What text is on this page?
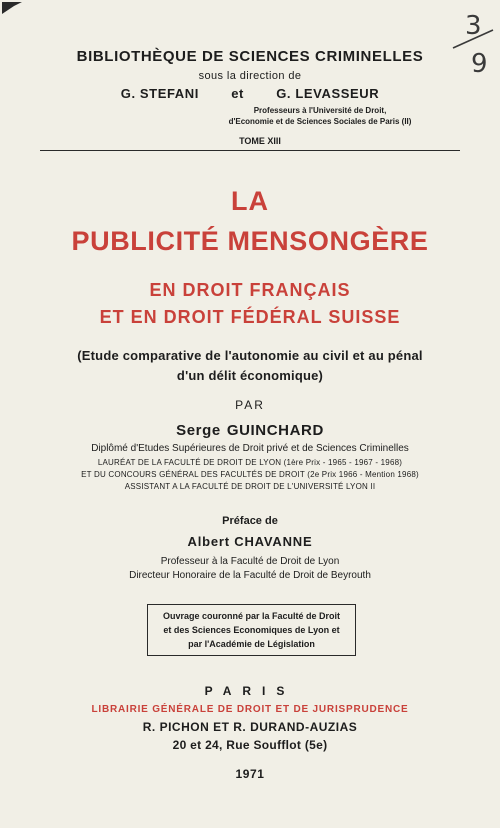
BIBLIOTHÈQUE DE SCIENCES CRIMINELLES
sous la direction de
G. STEFANI et G. LEVASSEUR
Professeurs à l'Université de Droit,
d'Economie et de Sciences Sociales de Paris (II)
TOME XIII
LA
PUBLICITÉ MENSONGÈRE
EN DROIT FRANÇAIS
ET EN DROIT FÉDÉRAL SUISSE
(Etude comparative de l'autonomie au civil et au pénal
d'un délit économique)
PAR
Serge GUINCHARD
Diplômé d'Etudes Supérieures de Droit privé et de Sciences Criminelles
LAURÉAT DE LA FACULTÉ DE DROIT DE LYON (1ère Prix - 1965 - 1967 - 1968)
ET DU CONCOURS GÉNÉRAL DES FACULTÉS DE DROIT (2e Prix 1966 - Mention 1968)
ASSISTANT A LA FACULTÉ DE DROIT DE L'UNIVERSITÉ LYON II
Préface de
Albert CHAVANNE
Professeur à la Faculté de Droit de Lyon
Directeur Honoraire de la Faculté de Droit de Beyrouth
Ouvrage couronné par la Faculté de Droit
et des Sciences Economiques de Lyon et
par l'Académie de Législation
PARIS
LIBRAIRIE GÉNÉRALE DE DROIT ET DE JURISPRUDENCE
R. PICHON ET R. DURAND-AUZIAS
20 et 24, Rue Soufflot (5e)
1971
3
9
